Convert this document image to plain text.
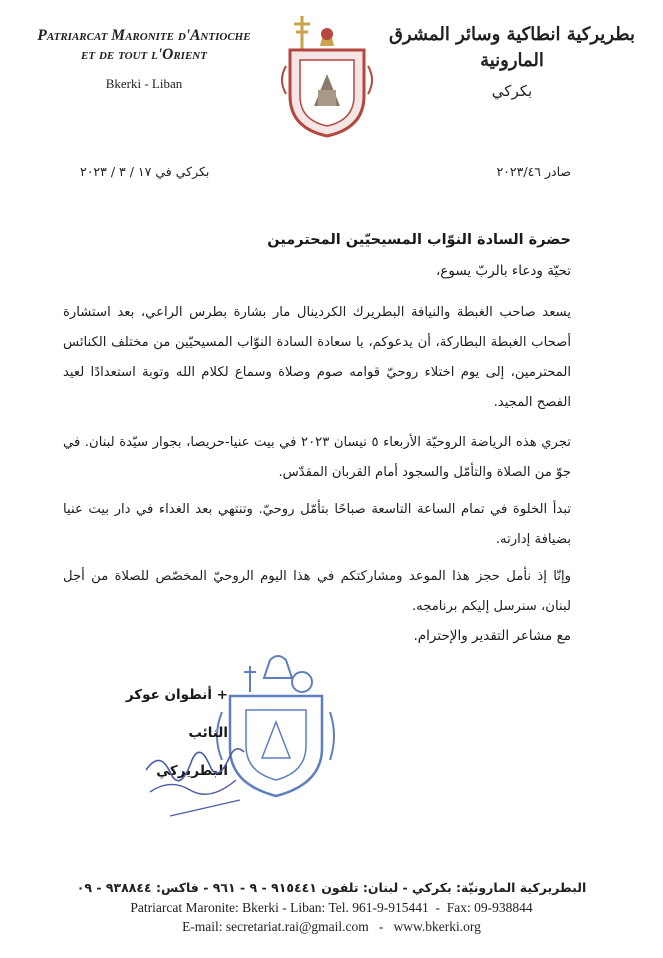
Patriarcat Maronite d'Antioche
et de tout l'Orient
Bkerki - Liban
بطريركية انطاكية وسائر المشرق المارونية
بكركي
صادر ٢٠٢٣/٤٦
بكركي في ١٧ / ٣ / ٢٠٢٣
حضرة السادة النوّاب المسيحيّين المحترمين
تحيّة ودعاء بالربّ يسوع،
يسعد صاحب الغبطة والنيافة البطريرك الكردينال مار بشارة بطرس الراعي، بعد استشارة أصحاب الغبطة البطاركة، أن يدعوكم، يا سعادة السادة النوّاب المسيحيّين من مختلف الكنائس المحترمين، إلى يوم اختلاء روحيّ قوامه صوم وصلاة وسماع لكلام الله وتوبة استعدادًا لعيد الفصح المجيد.
تجري هذه الرياضة الروحيّة الأربعاء ٥ نيسان ٢٠٢٣ في بيت عنيا-حريصا، بجوار سيّدة لبنان. في جوّ من الصلاة والتأمّل والسجود أمام القربان المقدّس.
تبدأ الخلوة في تمام الساعة التاسعة صباحًا بتأمّل روحيّ. وتنتهي بعد الغداء في دار بيت عنيا بضيافة إدارته.
وإنّا إذ نأمل حجز هذا الموعد ومشاركتكم في هذا اليوم الروحيّ المخصّص للصلاة من أجل لبنان، سنرسل إليكم برنامجه.
مع مشاعر التقدير والإحترام.
+ أنطوان عوكر
النائب البطريركي
البطريركية المارونيّة: بكركي - لبنان: تلفون ٩١٥٤٤١ - ٩ - ٩٦١ - فاكس: ٩٣٨٨٤٤ - ٠٩
Patriarcat Maronite: Bkerki - Liban: Tel. 961-9-915441  -  Fax: 09-938844
E-mail: secretariat.rai@gmail.com   -   www.bkerki.org
